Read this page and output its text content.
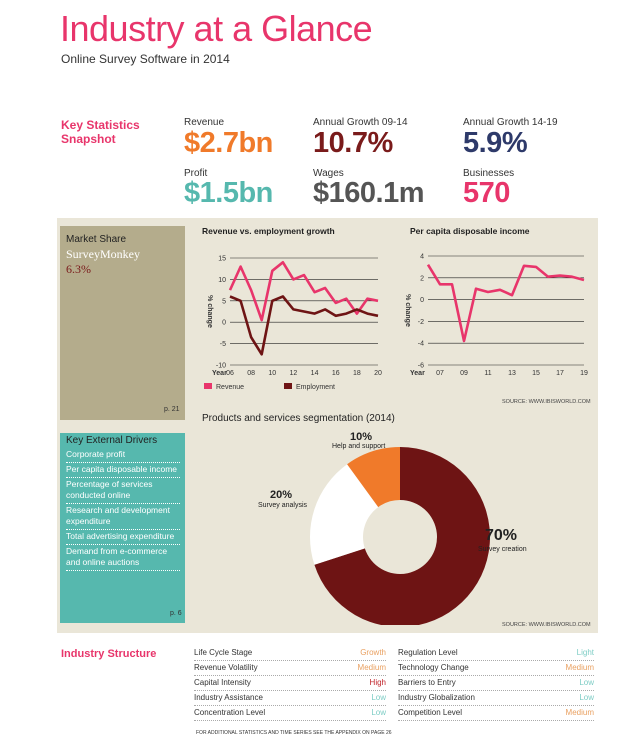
Industry at a Glance
Online Survey Software in 2014
Key Statistics Snapshot
Revenue
$2.7bn
Annual Growth 09-14
10.7%
Annual Growth 14-19
5.9%
Profit
$1.5bn
Wages
$160.1m
Businesses
570
Market Share
SurveyMonkey
6.3%
p. 21
Key External Drivers
Corporate profit
Per capita disposable income
Percentage of services conducted online
Research and development expenditure
Total advertising expenditure
Demand from e-commerce and online auctions
p. 6
Revenue vs. employment growth
15
10
5
0
-5
-10
06 08 10 12 14 16 18 20
Year
% change
Revenue	Employment
Per capita disposable income
4
2
0
-2
-4
-6
07 09 11 13 15 17 19
Year
% change
SOURCE: WWW.IBISWORLD.COM
Products and services segmentation (2014)
10%
Help and support
20%
Survey analysis
70%
Survey creation
SOURCE: WWW.IBISWORLD.COM
Industry Structure	Life Cycle Stage	Growth
Revenue Volatility	Medium
Capital Intensity	High
Industry Assistance	Low
Concentration Level	Low
Regulation Level	Light
Technology Change	Medium
Barriers to Entry	Low
Industry Globalization	Low
Competition Level	Medium
FOR ADDITIONAL STATISTICS AND TIME SERIES SEE THE APPENDIX ON PAGE 26
